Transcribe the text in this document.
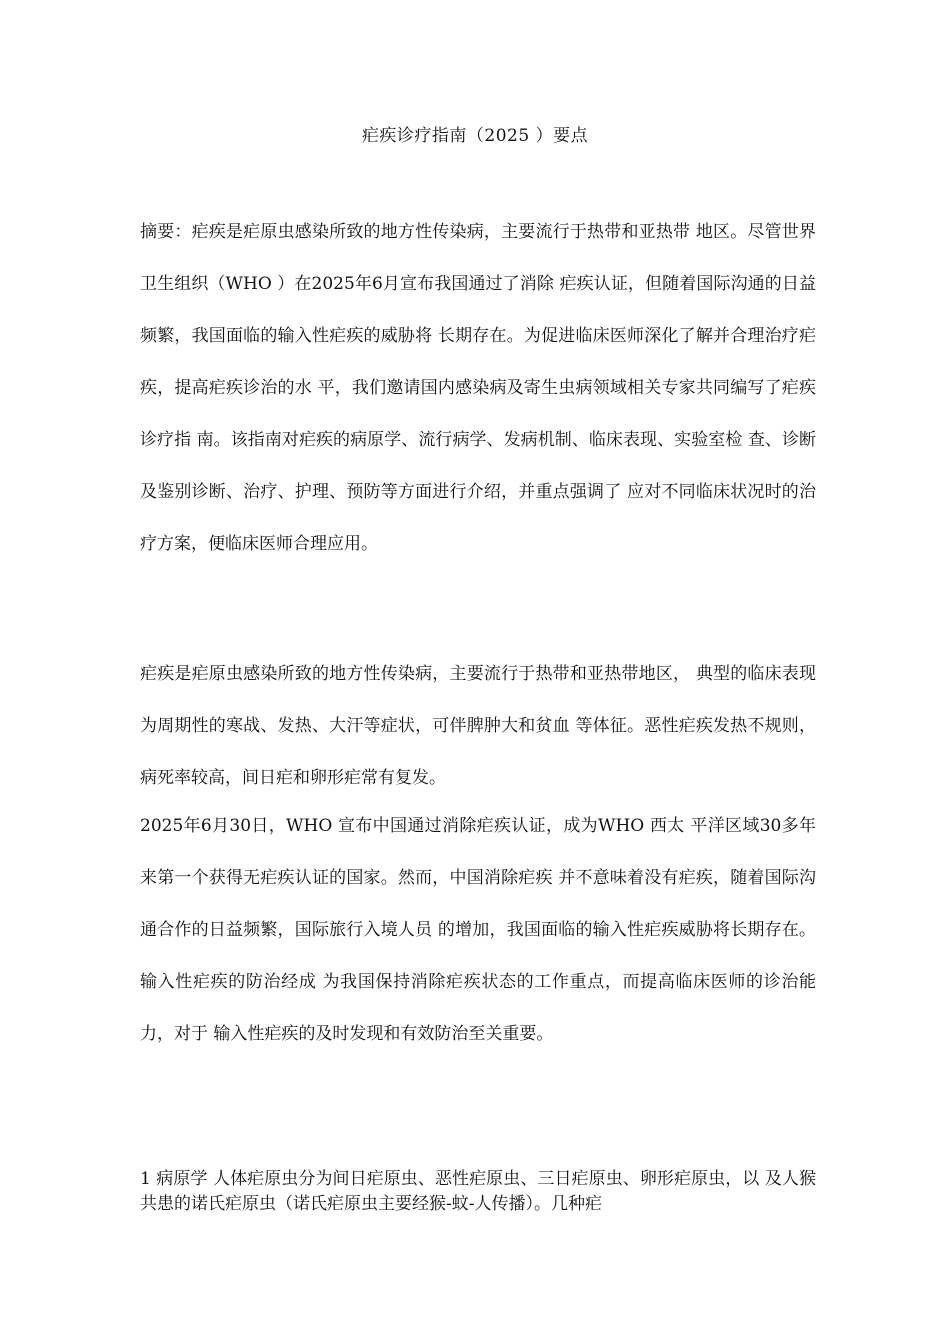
疟疾诊疗指南（2025 ）要点

摘要：疟疾是疟原虫感染所致的地方性传染病，主要流行于热带和亚热带 地区。尽管世界卫生组织（WHO ）在2025年6月宣布我国通过了消除 疟疾认证，但随着国际沟通的日益频繁，我国面临的输入性疟疾的威胁将 长期存在。为促进临床医师深化了解并合理治疗疟疾，提高疟疾诊治的水 平，我们邀请国内感染病及寄生虫病领域相关专家共同编写了疟疾诊疗指 南。该指南对疟疾的病原学、流行病学、发病机制、临床表现、实验室检 查、诊断及鉴别诊断、治疗、护理、预防等方面进行介绍，并重点强调了 应对不同临床状况时的治疗方案，便临床医师合理应用。

疟疾是疟原虫感染所致的地方性传染病，主要流行于热带和亚热带地区， 典型的临床表现为周期性的寒战、发热、大汗等症状，可伴脾肿大和贫血 等体征。恶性疟疾发热不规则，病死率较高，间日疟和卵形疟常有复发。

2025年6月30日，WHO 宣布中国通过消除疟疾认证，成为WHO 西太 平洋区域30多年来第一个获得无疟疾认证的国家。然而，中国消除疟疾 并不意味着没有疟疾，随着国际沟通合作的日益频繁，国际旅行入境人员 的增加，我国面临的输入性疟疾威胁将长期存在。输入性疟疾的防治经成 为我国保持消除疟疾状态的工作重点，而提高临床医师的诊治能力，对于 输入性疟疾的及时发现和有效防治至关重要。

1 病原学 人体疟原虫分为间日疟原虫、恶性疟原虫、三日疟原虫、卵形疟原虫，以 及人猴共患的诺氏疟原虫（诺氏疟原虫主要经猴-蚊-人传播）。几种疟
